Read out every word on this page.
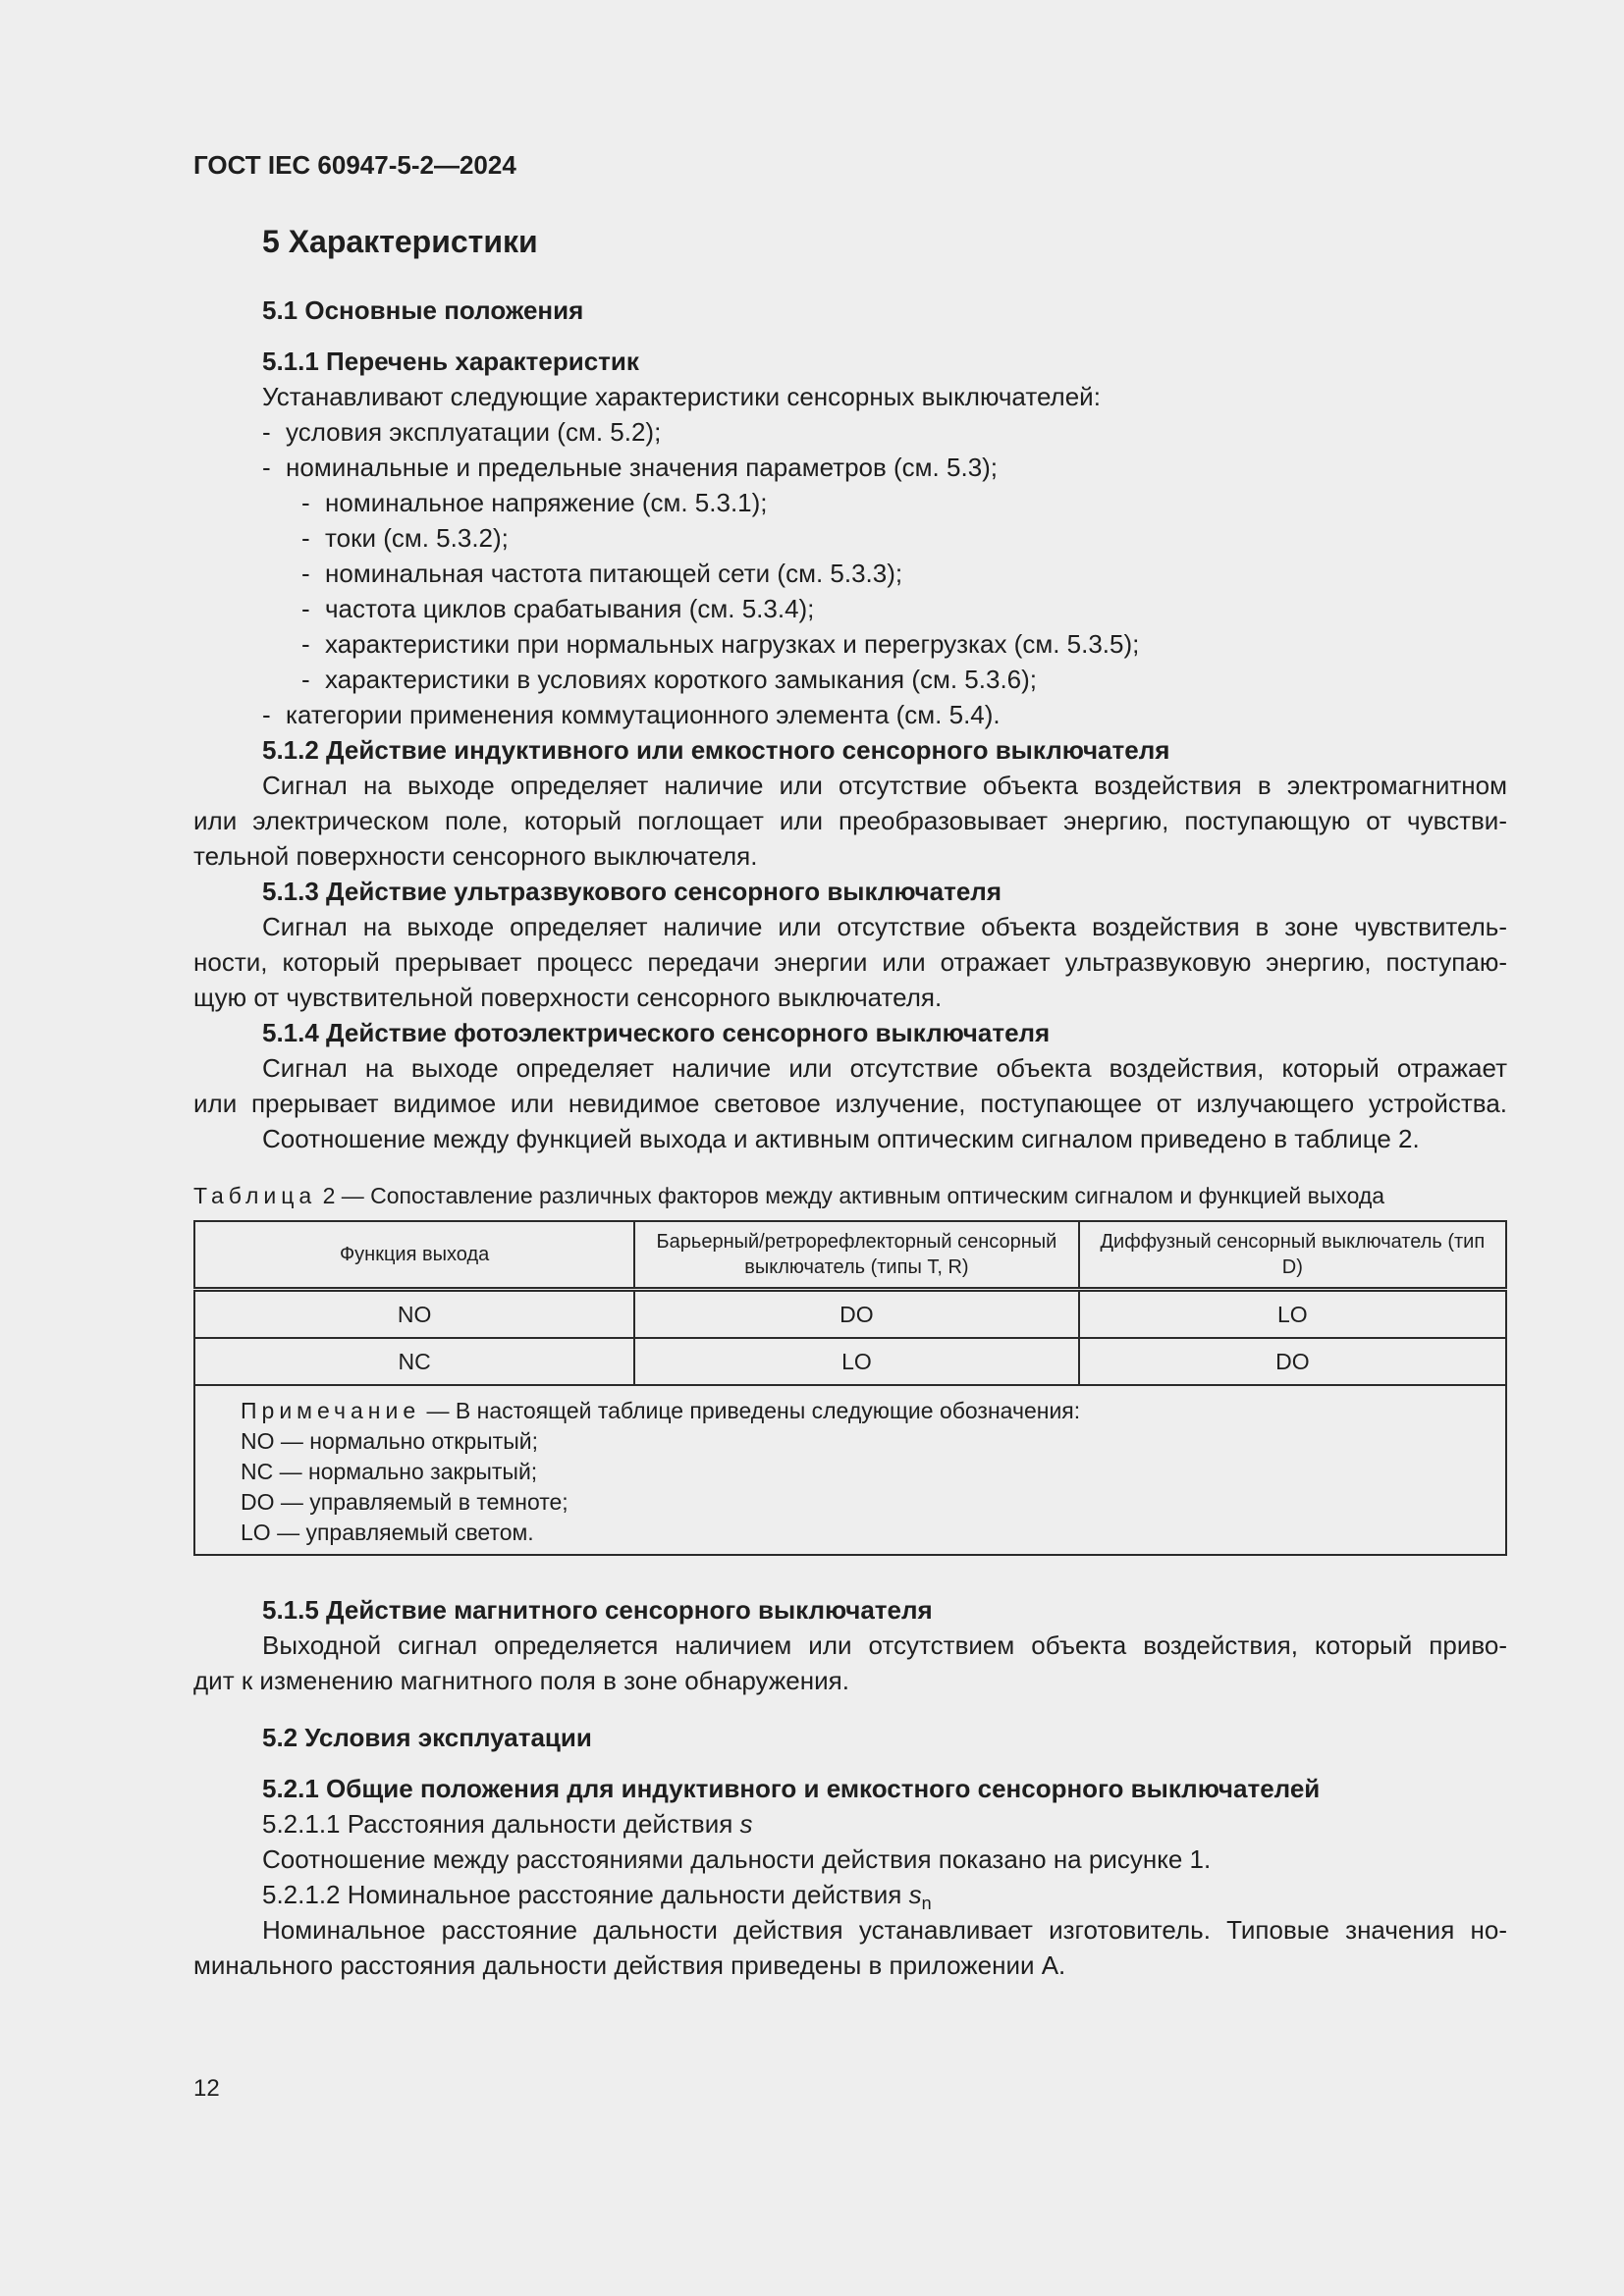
ГОСТ IEC 60947-5-2—2024
5 Характеристики
5.1 Основные положения
5.1.1 Перечень характеристик
Устанавливают следующие характеристики сенсорных выключателей:
- условия эксплуатации (см. 5.2);
- номинальные и предельные значения параметров (см. 5.3);
- номинальное напряжение (см. 5.3.1);
- токи (см. 5.3.2);
- номинальная частота питающей сети (см. 5.3.3);
- частота циклов срабатывания (см. 5.3.4);
- характеристики при нормальных нагрузках и перегрузках (см. 5.3.5);
- характеристики в условиях короткого замыкания (см. 5.3.6);
- категории применения коммутационного элемента (см. 5.4).
5.1.2 Действие индуктивного или емкостного сенсорного выключателя
Сигнал на выходе определяет наличие или отсутствие объекта воздействия в электромагнитном
или электрическом поле, который поглощает или преобразовывает энергию, поступающую от чувстви-
тельной поверхности сенсорного выключателя.
5.1.3 Действие ультразвукового сенсорного выключателя
Сигнал на выходе определяет наличие или отсутствие объекта воздействия в зоне чувствитель-
ности, который прерывает процесс передачи энергии или отражает ультразвуковую энергию, поступаю-
щую от чувствительной поверхности сенсорного выключателя.
5.1.4 Действие фотоэлектрического сенсорного выключателя
Сигнал на выходе определяет наличие или отсутствие объекта воздействия, который отражает
или прерывает видимое или невидимое световое излучение, поступающее от излучающего устройства.
Соотношение между функцией выхода и активным оптическим сигналом приведено в таблице 2.
Таблица 2 — Сопоставление различных факторов между активным оптическим сигналом и функцией выхода
Функция выхода	Барьерный/ретрорефлекторный сенсорный выключатель (типы T, R)	Диффузный сенсорный выключатель (тип D)
NO	DO	LO
NC	LO	DO

Примечание — В настоящей таблице приведены следующие обозначения:
NO — нормально открытый;
NC — нормально закрытый;
DO — управляемый в темноте;
LO — управляемый светом.		
5.1.5 Действие магнитного сенсорного выключателя
Выходной сигнал определяется наличием или отсутствием объекта воздействия, который приво-
дит к изменению магнитного поля в зоне обнаружения.
5.2 Условия эксплуатации
5.2.1 Общие положения для индуктивного и емкостного сенсорного выключателей
5.2.1.1 Расстояния дальности действия s
Соотношение между расстояниями дальности действия показано на рисунке 1.
5.2.1.2 Номинальное расстояние дальности действия $s_n$
Номинальное расстояние дальности действия устанавливает изготовитель. Типовые значения но-
минального расстояния дальности действия приведены в приложении А.
12
